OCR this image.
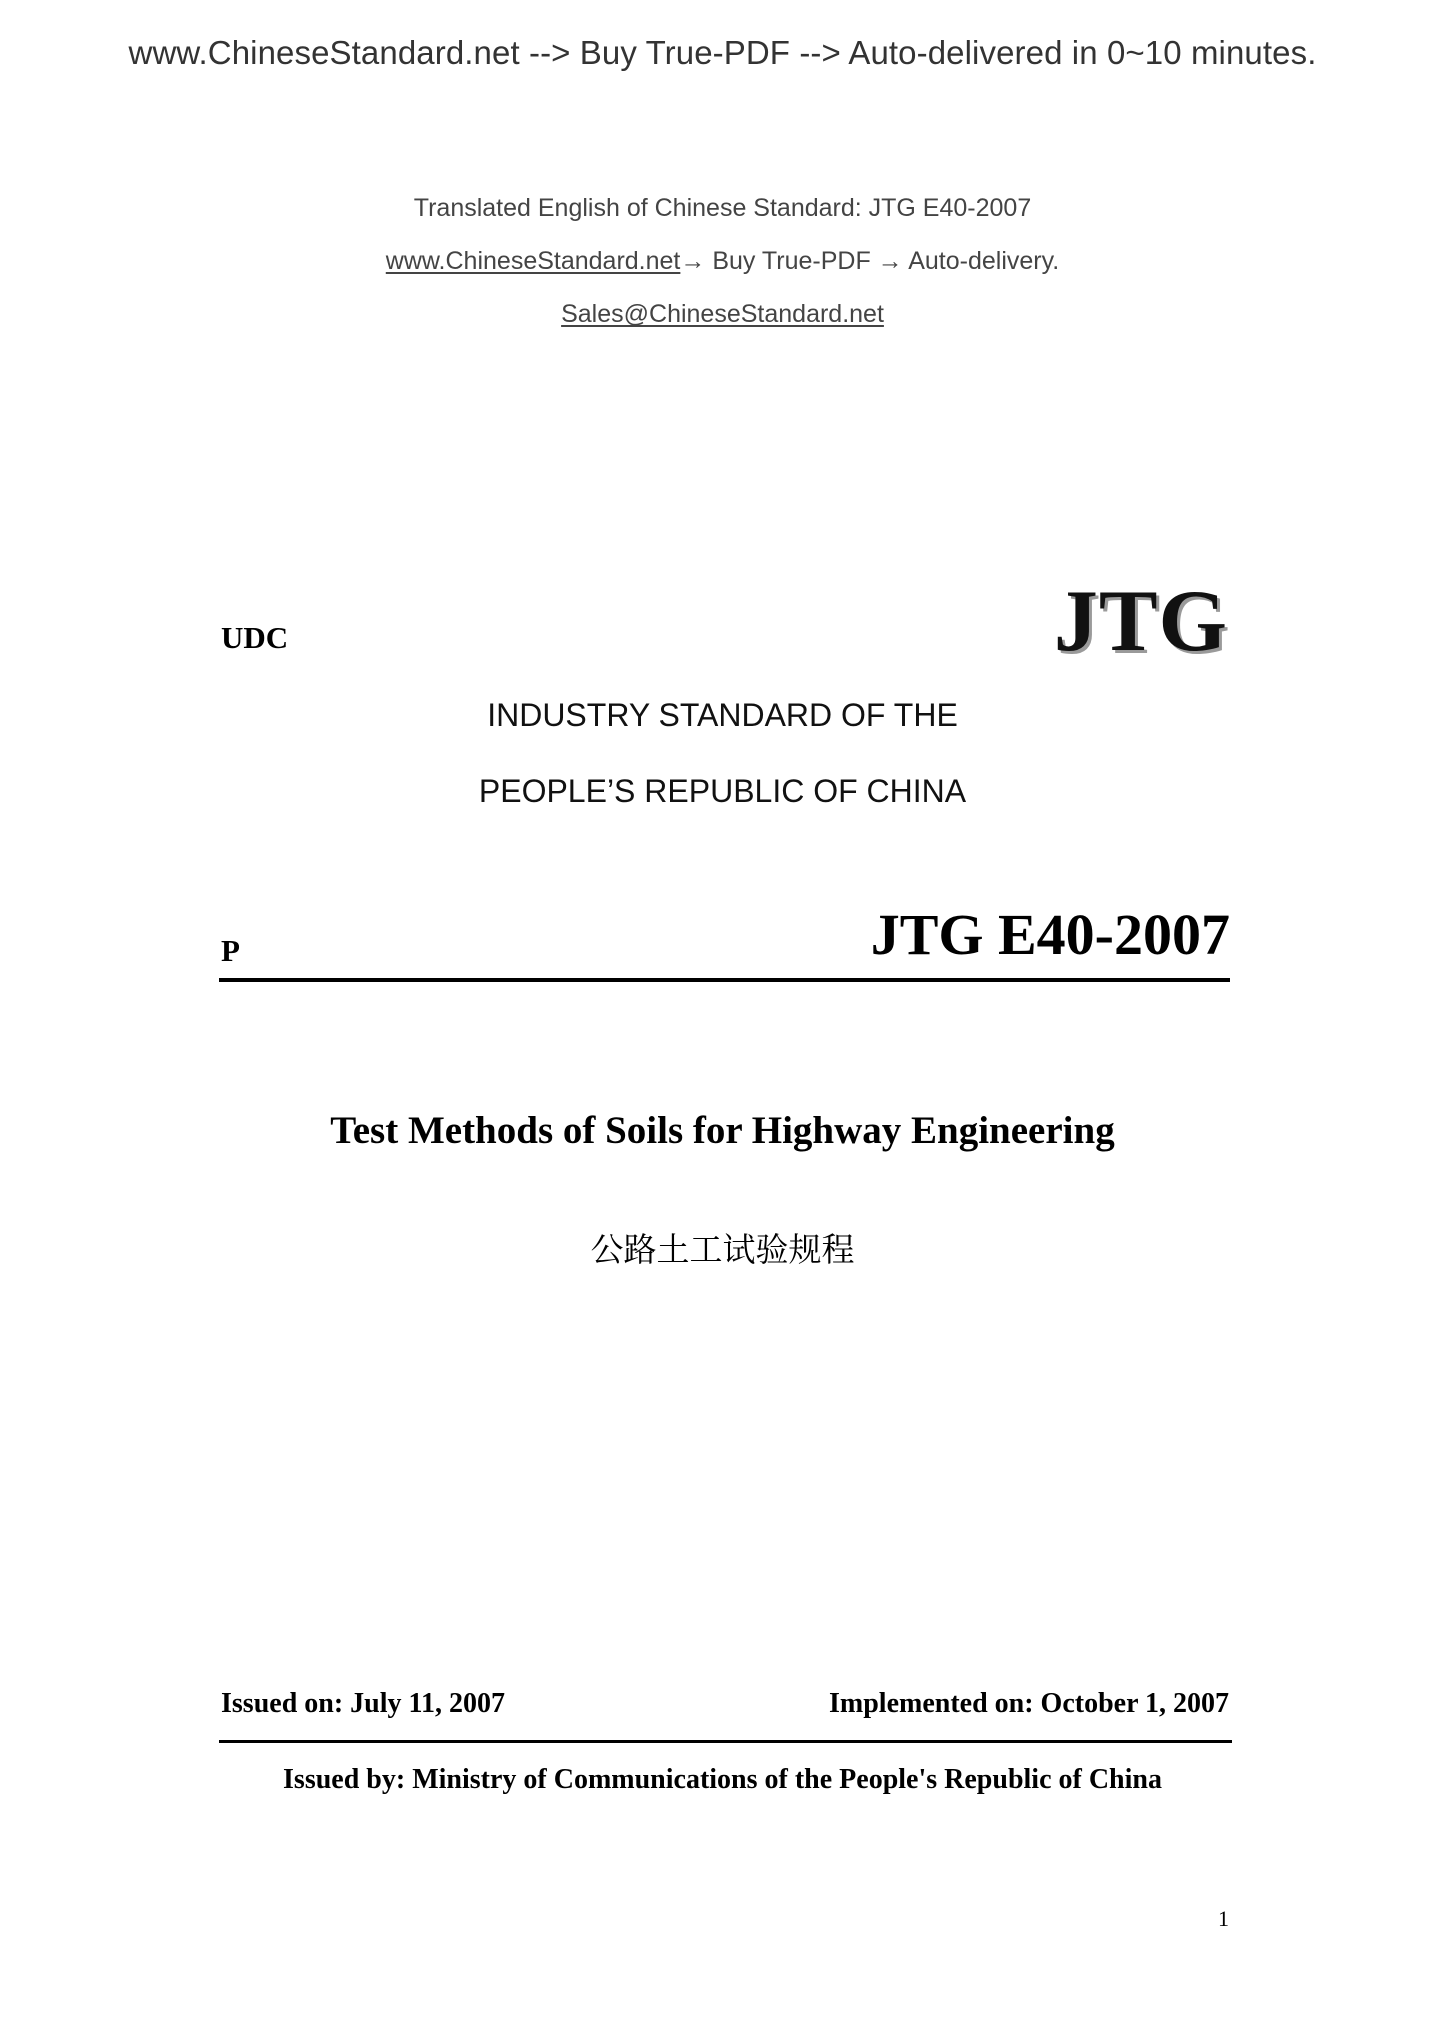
www.ChineseStandard.net --> Buy True-PDF --> Auto-delivered in 0~10 minutes.
Translated English of Chinese Standard: JTG E40-2007
www.ChineseStandard.net→ Buy True-PDF → Auto-delivery.
Sales@ChineseStandard.net
UDC	JTG
INDUSTRY STANDARD OF THE
PEOPLE’S REPUBLIC OF CHINA
P	JTG E40-2007
Test Methods of Soils for Highway Engineering
公路土工试验规程
Issued on: July 11, 2007	Implemented on: October 1, 2007
Issued by: Ministry of Communications of the People's Republic of China
1
